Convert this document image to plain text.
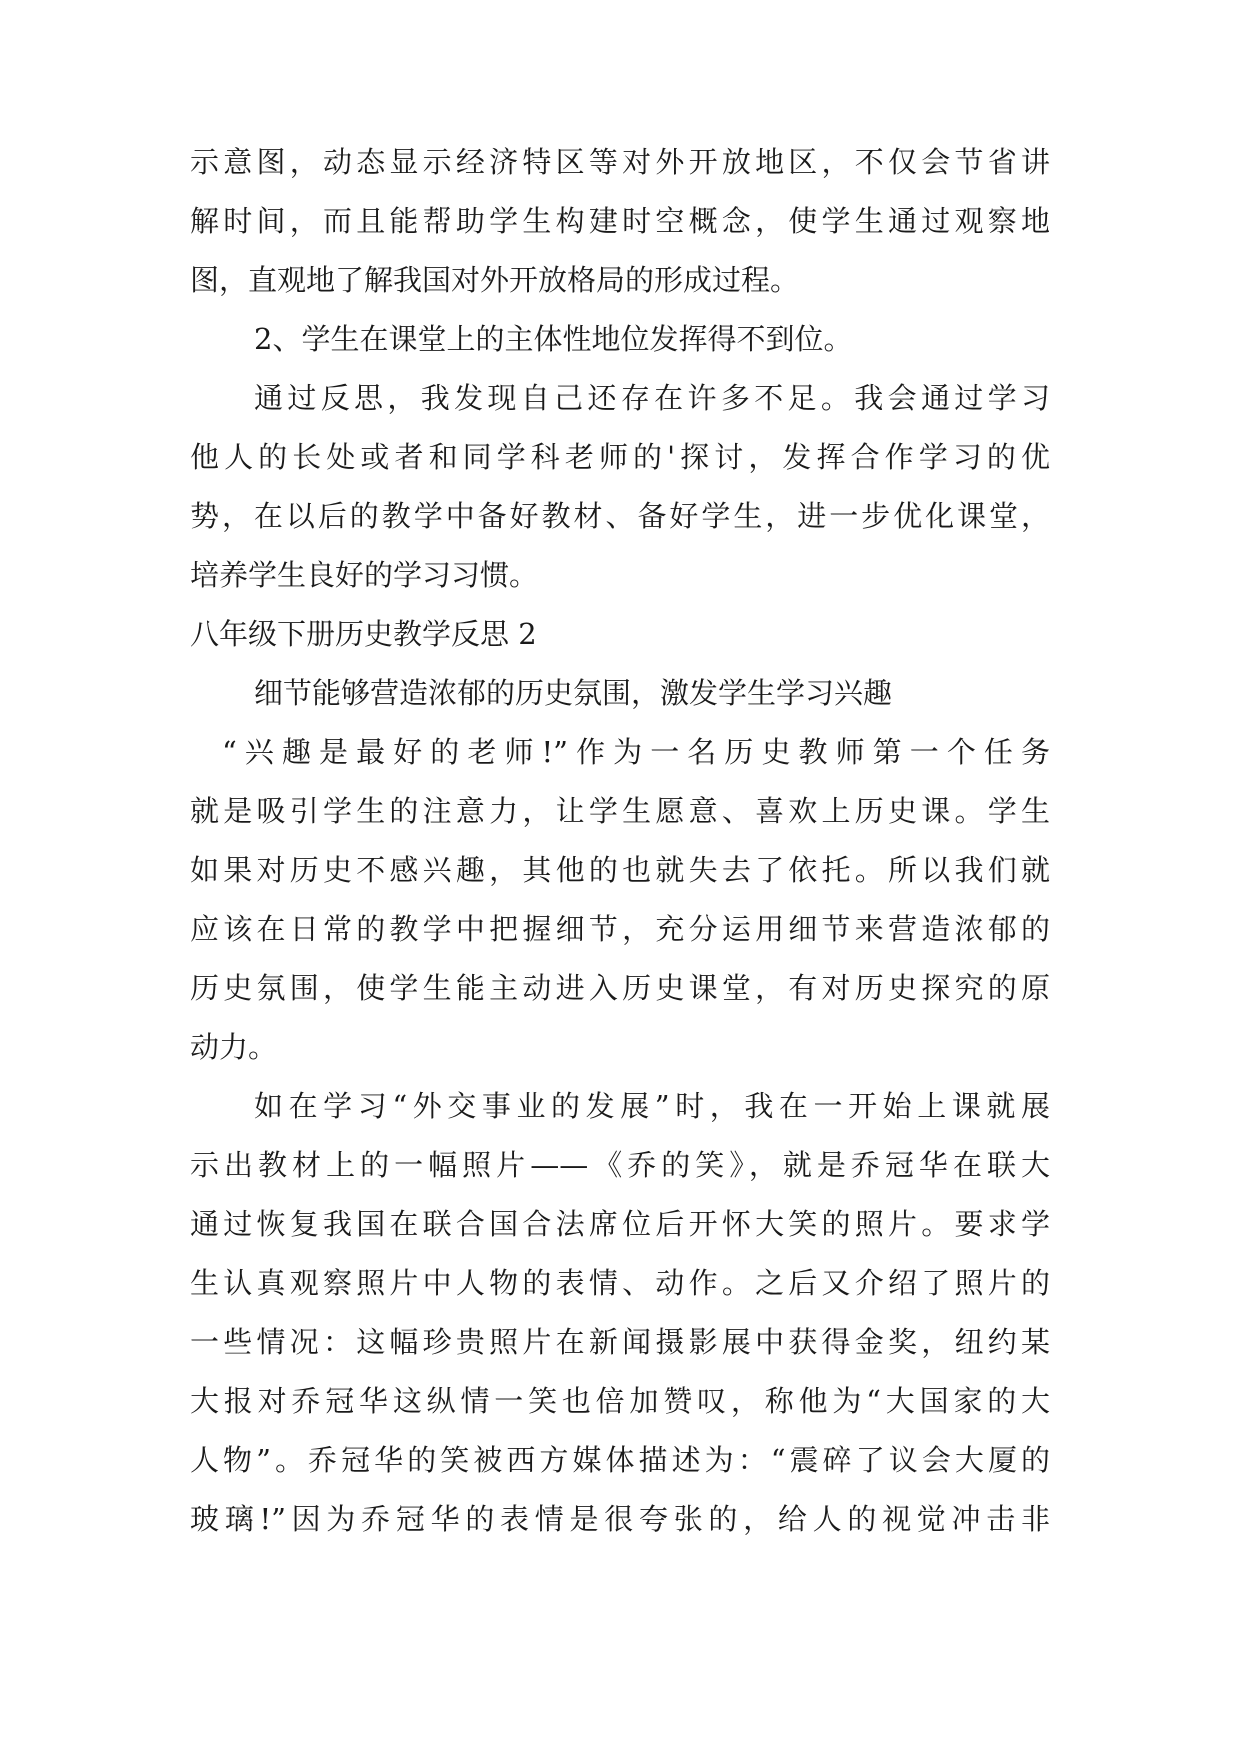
示意图，动态显示经济特区等对外开放地区，不仅会节省讲
解时间，而且能帮助学生构建时空概念，使学生通过观察地
图，直观地了解我国对外开放格局的形成过程。
2、学生在课堂上的主体性地位发挥得不到位。
通过反思，我发现自己还存在许多不足。我会通过学习
他人的长处或者和同学科老师的'探讨，发挥合作学习的优
势，在以后的教学中备好教材、备好学生，进一步优化课堂，
培养学生良好的学习习惯。
八年级下册历史教学反思 2
细节能够营造浓郁的历史氛围，激发学生学习兴趣
“兴趣是最好的老师!”作为一名历史教师第一个任务
就是吸引学生的注意力，让学生愿意、喜欢上历史课。学生
如果对历史不感兴趣，其他的也就失去了依托。所以我们就
应该在日常的教学中把握细节，充分运用细节来营造浓郁的
历史氛围，使学生能主动进入历史课堂，有对历史探究的原
动力。
如在学习“外交事业的发展”时，我在一开始上课就展
示出教材上的一幅照片——《乔的笑》，就是乔冠华在联大
通过恢复我国在联合国合法席位后开怀大笑的照片。要求学
生认真观察照片中人物的表情、动作。之后又介绍了照片的
一些情况：这幅珍贵照片在新闻摄影展中获得金奖，纽约某
大报对乔冠华这纵情一笑也倍加赞叹，称他为“大国家的大
人物”。乔冠华的笑被西方媒体描述为：“震碎了议会大厦的
玻璃!”因为乔冠华的表情是很夸张的，给人的视觉冲击非
